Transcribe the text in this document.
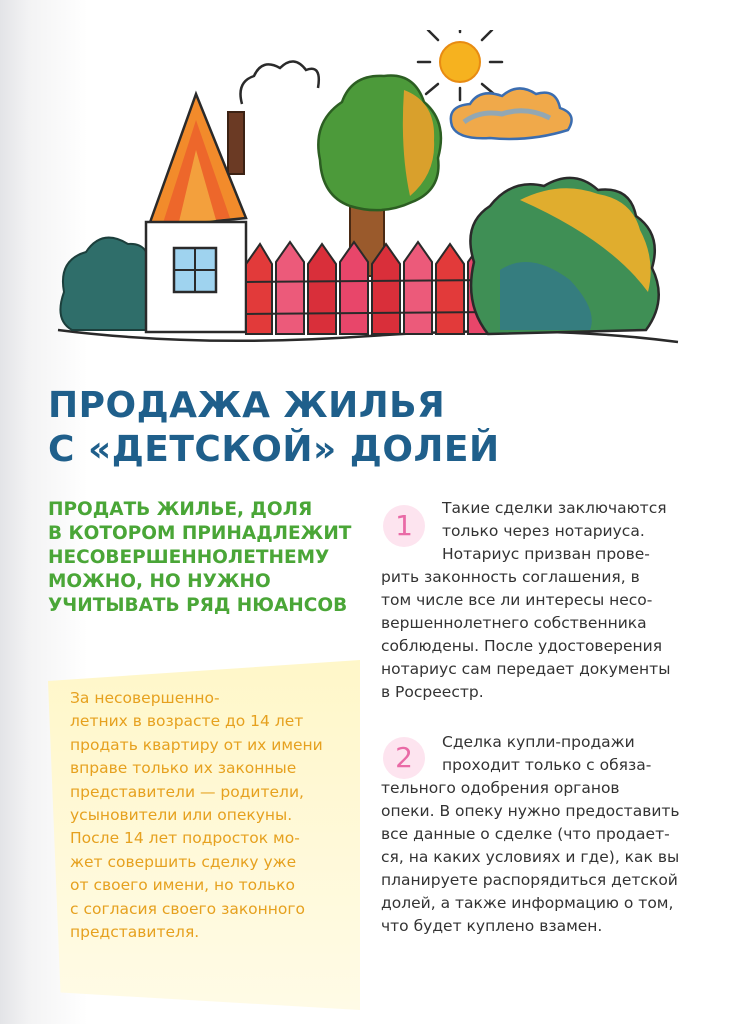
ПРОДАЖА ЖИЛЬЯ
С «ДЕТСКОЙ» ДОЛЕЙ
ПРОДАТЬ ЖИЛЬЕ, ДОЛЯ
В КОТОРОМ ПРИНАДЛЕЖИТ
НЕСОВЕРШЕННОЛЕТНЕМУ
МОЖНО, НО НУЖНО
УЧИТЫВАТЬ РЯД НЮАНСОВ
За несовершенно-
летних в возрасте до 14 лет
продать квартиру от их имени
вправе только их законные
представители — родители,
усыновители или опекуны.
После 14 лет подросток мо-
жет совершить сделку уже
от своего имени, но только
с согласия своего законного
представителя.
1
Такие сделки заключаются
только через нотариуса.
Нотариус призван прове-
рить законность соглашения, в
том числе все ли интересы несо-
вершеннолетнего собственника
соблюдены. После удостоверения
нотариус сам передает документы
в Росреестр.
2	Сделка купли-продажи
проходит только с обяза-
тельного одобрения органов
опеки. В опеку нужно предоставить
все данные о сделке (что продает-
ся, на каких условиях и где), как вы
планируете распорядиться детской
долей, а также информацию о том,
что будет куплено взамен.
